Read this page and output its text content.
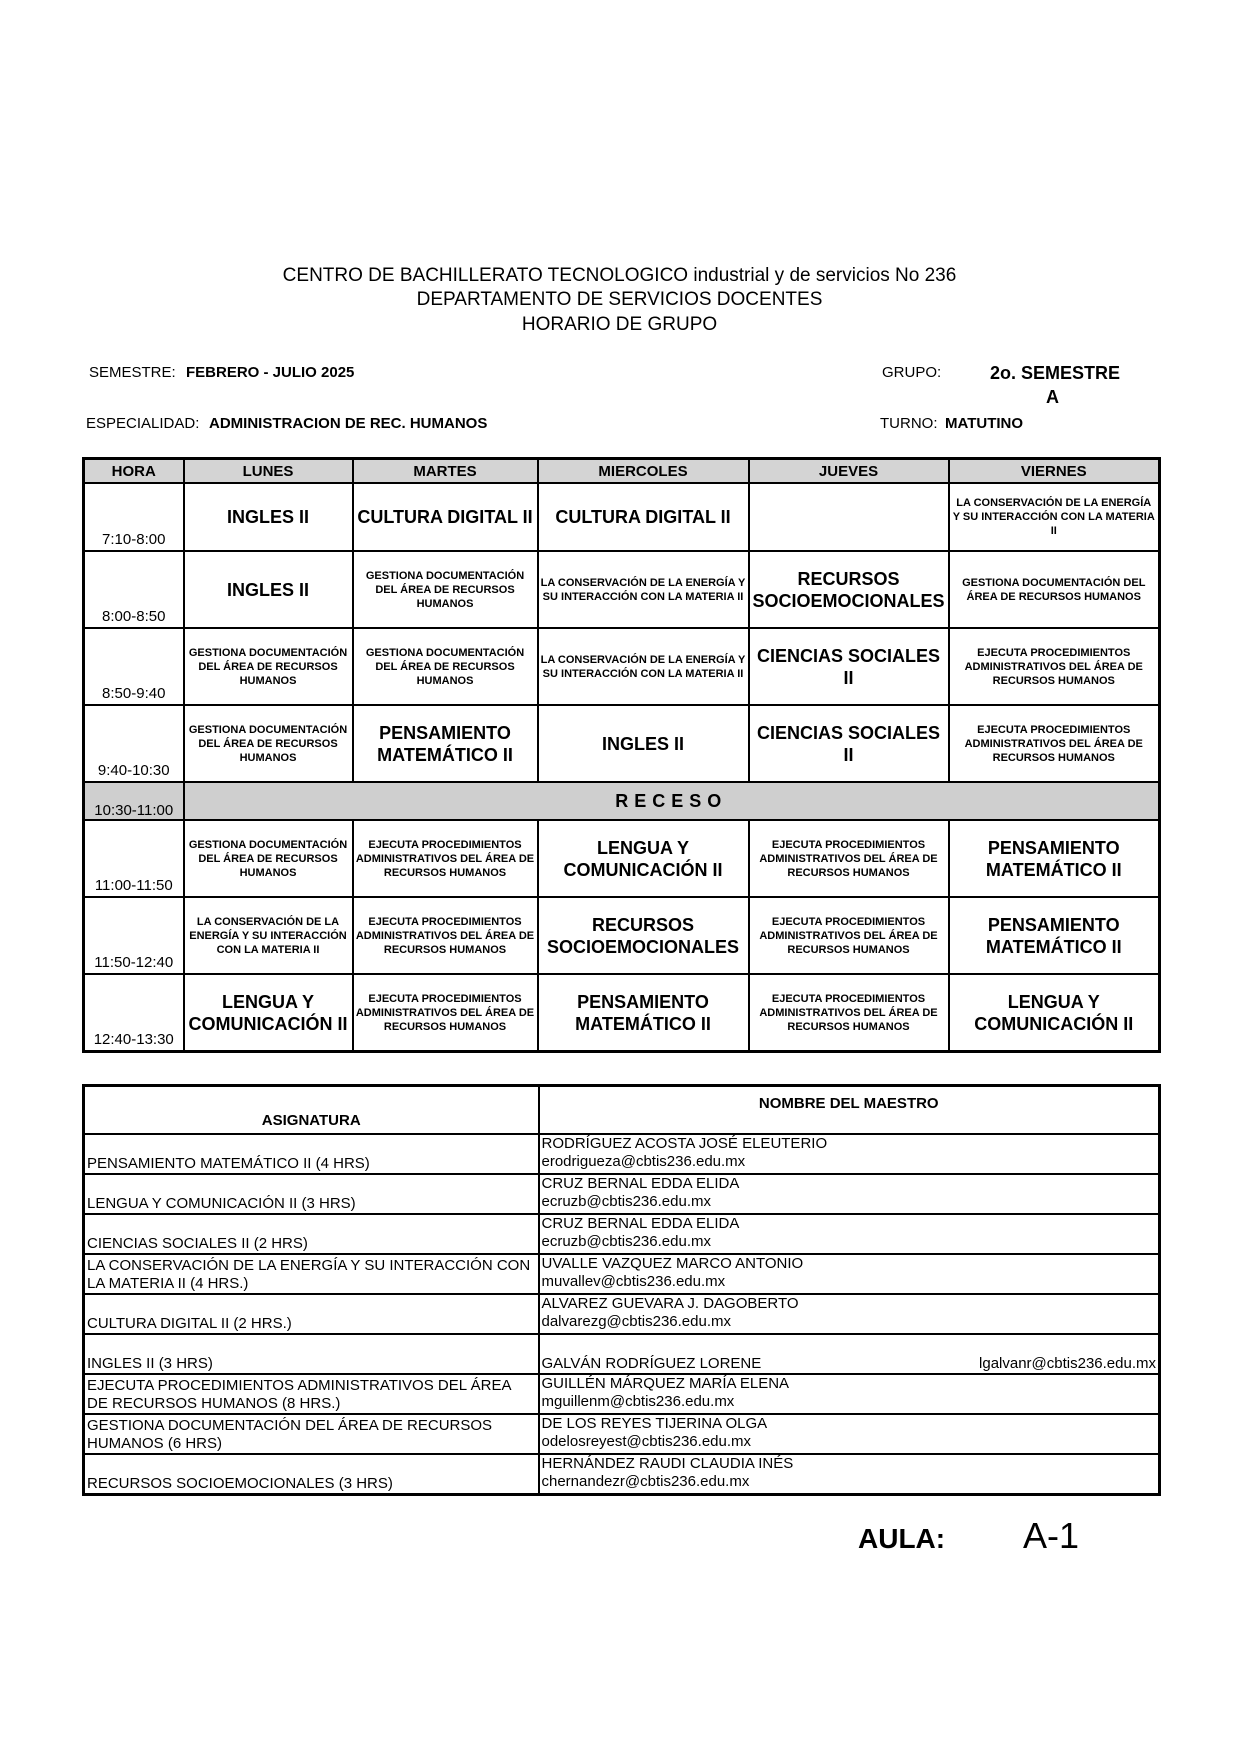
CENTRO DE BACHILLERATO TECNOLOGICO industrial y de servicios No 236
DEPARTAMENTO DE SERVICIOS DOCENTES
HORARIO DE GRUPO
SEMESTRE: FEBRERO - JULIO 2025	GRUPO:	2o. SEMESTRE
A
ESPECIALIDAD: ADMINISTRACION DE REC. HUMANOS	TURNO: MATUTINO
HORA	LUNES	MARTES	MIERCOLES	JUEVES	VIERNES
7:10-8:00	INGLES II	CULTURA DIGITAL II	CULTURA DIGITAL II		LA CONSERVACIÓN DE LA ENERGÍA Y SU INTERACCIÓN CON LA MATERIA II

8:00-8:50	INGLES II	GESTIONA DOCUMENTACIÓN DEL ÁREA DE RECURSOS HUMANOS	LA CONSERVACIÓN DE LA ENERGÍA Y SU INTERACCIÓN CON LA MATERIA II	RECURSOS SOCIOEMOCIONALES	GESTIONA DOCUMENTACIÓN DEL ÁREA DE RECURSOS HUMANOS

8:50-9:40	GESTIONA DOCUMENTACIÓN DEL ÁREA DE RECURSOS HUMANOS	GESTIONA DOCUMENTACIÓN DEL ÁREA DE RECURSOS HUMANOS	LA CONSERVACIÓN DE LA ENERGÍA Y SU INTERACCIÓN CON LA MATERIA II	CIENCIAS SOCIALES II	EJECUTA PROCEDIMIENTOS ADMINISTRATIVOS DEL ÁREA DE RECURSOS HUMANOS

9:40-10:30	GESTIONA DOCUMENTACIÓN DEL ÁREA DE RECURSOS HUMANOS	PENSAMIENTO MATEMÁTICO II	INGLES II	CIENCIAS SOCIALES II	EJECUTA PROCEDIMIENTOS ADMINISTRATIVOS DEL ÁREA DE RECURSOS HUMANOS

10:30-11:00	RECESO				
11:00-11:50	GESTIONA DOCUMENTACIÓN DEL ÁREA DE RECURSOS HUMANOS	EJECUTA PROCEDIMIENTOS ADMINISTRATIVOS DEL ÁREA DE RECURSOS HUMANOS	LENGUA Y COMUNICACIÓN II	EJECUTA PROCEDIMIENTOS ADMINISTRATIVOS DEL ÁREA DE RECURSOS HUMANOS	PENSAMIENTO MATEMÁTICO II

11:50-12:40	LA CONSERVACIÓN DE LA ENERGÍA Y SU INTERACCIÓN CON LA MATERIA II	EJECUTA PROCEDIMIENTOS ADMINISTRATIVOS DEL ÁREA DE RECURSOS HUMANOS	RECURSOS SOCIOEMOCIONALES	EJECUTA PROCEDIMIENTOS ADMINISTRATIVOS DEL ÁREA DE RECURSOS HUMANOS	PENSAMIENTO MATEMÁTICO II

12:40-13:30	LENGUA Y COMUNICACIÓN II	EJECUTA PROCEDIMIENTOS ADMINISTRATIVOS DEL ÁREA DE RECURSOS HUMANOS	PENSAMIENTO MATEMÁTICO II	EJECUTA PROCEDIMIENTOS ADMINISTRATIVOS DEL ÁREA DE RECURSOS HUMANOS	LENGUA Y COMUNICACIÓN II
ASIGNATURA	NOMBRE DEL MAESTRO
PENSAMIENTO MATEMÁTICO II (4 HRS)	RODRÍGUEZ ACOSTA JOSÉ ELEUTERIO
erodrigueza@cbtis236.edu.mx

LENGUA Y COMUNICACIÓN II (3 HRS)	CRUZ BERNAL EDDA ELIDA
ecruzb@cbtis236.edu.mx

CIENCIAS SOCIALES II (2 HRS)	CRUZ BERNAL EDDA ELIDA
ecruzb@cbtis236.edu.mx

LA CONSERVACIÓN DE LA ENERGÍA Y SU INTERACCIÓN CON LA MATERIA II (4 HRS.)	UVALLE VAZQUEZ MARCO ANTONIO
muvallev@cbtis236.edu.mx

CULTURA DIGITAL II (2 HRS.)	ALVAREZ GUEVARA J. DAGOBERTO
dalvarezg@cbtis236.edu.mx

INGLES II (3 HRS)	GALVÁN RODRÍGUEZ LORENE lgalvanr@cbtis236.edu.mx

EJECUTA PROCEDIMIENTOS ADMINISTRATIVOS DEL ÁREA DE RECURSOS HUMANOS (8 HRS.)	GUILLÉN MÁRQUEZ MARÍA ELENA
mguillenm@cbtis236.edu.mx

GESTIONA DOCUMENTACIÓN DEL ÁREA DE RECURSOS HUMANOS (6 HRS)	DE LOS REYES TIJERINA OLGA
odelosreyest@cbtis236.edu.mx

RECURSOS SOCIOEMOCIONALES (3 HRS)	HERNÁNDEZ RAUDI CLAUDIA INÉS
chernandezr@cbtis236.edu.mx
AULA: A-1
